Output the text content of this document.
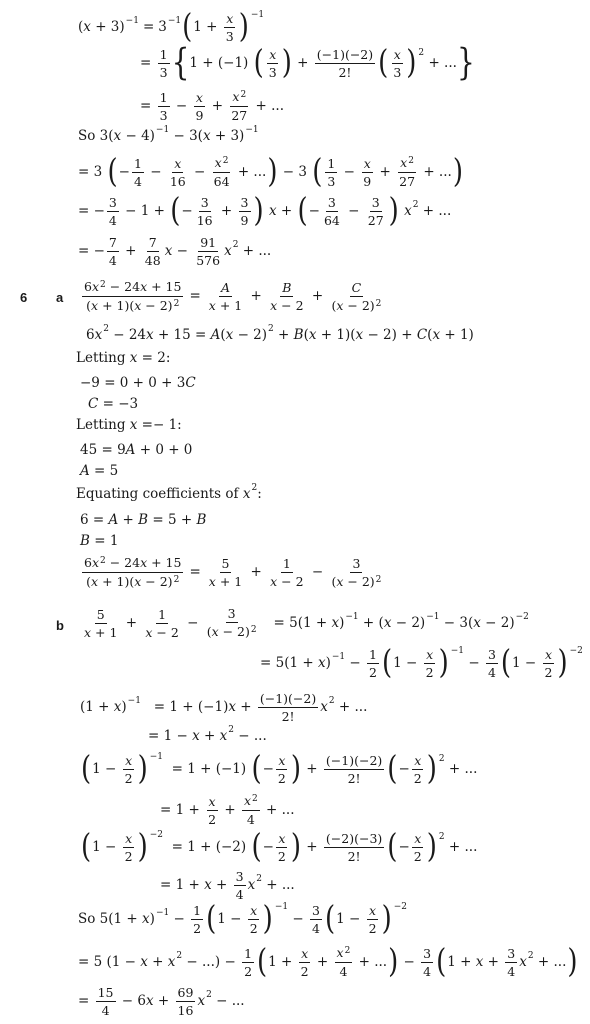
( x + 3) −1 = 3 −1 ( $1 + \frac{x}{3}$ ) −1
= $\frac{1}{3}$ { 1 + (−1) ( $\frac{x}{3}$ ) + $\frac{(-1)(-2)}{2!}$ ( $\frac{x}{3}$ ) 2
+ ... }
= $\frac{1}{3} - \frac{x}{9} + \frac{x^2}{27}$ + ...
So 3( x − 4) −1 − 3( x + 3) −1
= 3 ( − $\frac{1}{4} - \frac{x}{16} - \frac{x^2}{64}$ + ... ) − 3 ( $\frac{1}{3} - \frac{x}{9} + \frac{x^2}{27}$ + ... )
= − $\frac{3}{4} - 1$ + ( − $\frac{3}{16} + \frac{3}{9}$ )
x + ( − $\frac{3}{64} - \frac{3}{27}$ )
x 2 + ...
= − $\frac{7}{4} + \frac{7}{48}$ $x - \frac{91}{576}$ x 2 + ...
6 a $\frac{6x^2 - 24x + 15}{(x + 1)(x - 2)^2} = \frac{A}{x + 1} + \frac{B}{x - 2} + \frac{C}{(x - 2)^2}$
6 x 2 − 24 x + 15 = A ( x − 2) 2 + B ( x + 1)( x − 2) + C ( x + 1)
Letting x = 2:
−9 = 0 + 0 + 3 C
C = −3
Letting x =− 1:
45 = 9 A + 0 + 0
A = 5
Equating coefficients of x 2 :
6 = A + B = 5 + B
B = 1
$\frac{6x^2 - 24x + 15}{(x + 1)(x - 2)^2} = \frac{5}{x + 1} + \frac{1}{x - 2} - \frac{3}{(x - 2)^2}$
b $\frac{5}{x + 1} + \frac{1}{x - 2} - \frac{3}{(x - 2)^2} = 5(1 + x$ ) −1 + ( x − 2) −1 − 3( x − 2) −2
= 5(1 + x ) $-1 - \frac{1}{2}$ ( $1 - \frac{x}{2}$ ) −1
− $\frac{3}{4}$ ( $1 - \frac{x}{2}$ ) −2
(1 + x ) −1 = 1 + (−1) $x + \frac{(-1)(-2)}{2!}$ x 2 + ...
= 1 − x + x 2 − ...
( $1 - \frac{x}{2}$ ) −1
= 1 + (−1) ( − $\frac{x}{2}$ ) + $\frac{(-1)(-2)}{2!}$ ( − $\frac{x}{2}$ ) 2
+ ...
= $1 + \frac{x}{2} + \frac{x^2}{4}$ + ...
( $1 - \frac{x}{2}$ ) −2
= 1 + (−2) ( − $\frac{x}{2}$ ) + $\frac{(-2)(-3)}{2!}$ ( − $\frac{x}{2}$ ) 2
+ ...
= $1 + x + \frac{3}{4}$ x 2 + ...
So 5(1 + x ) $-1 - \frac{1}{2}$ ( $1 - \frac{x}{2}$ ) −1
− $\frac{3}{4}$ ( $1 - \frac{x}{2}$ ) −2
= 5 (1 − x + x 2 − ...) − $\frac{1}{2}$ ( $1 + \frac{x}{2} + \frac{x^2}{4}$ + ... ) − $\frac{3}{4}$ ( $1 + x + \frac{3}{4}$ x 2 + ... )
= $\frac{15}{4} - 6$ $x + \frac{69}{16}$ x 2 − ...
